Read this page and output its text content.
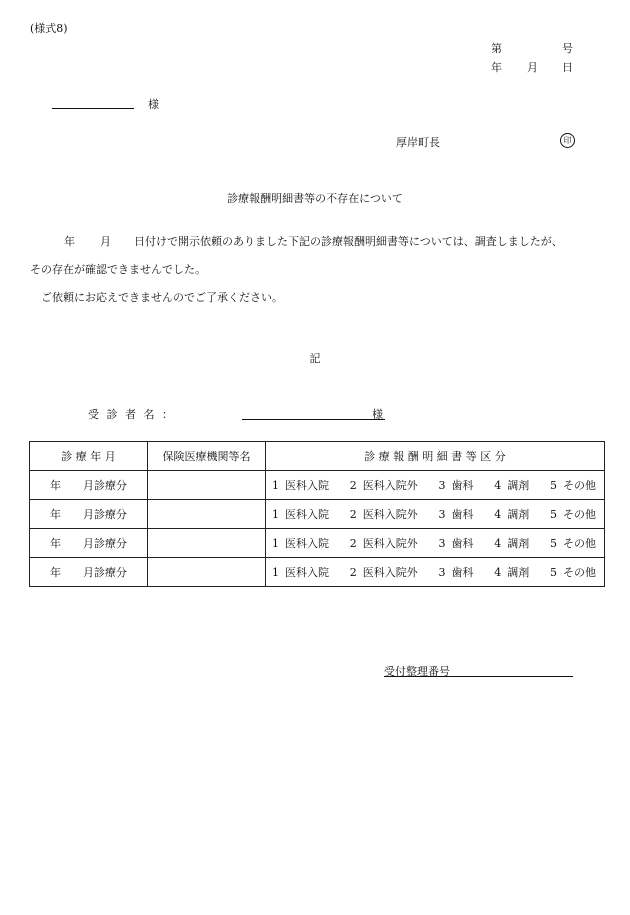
(様式8)
第	号
年 月 日
様
厚岸町長	印
診療報酬明細書等の不存在について
年 月 日付けで開示依頼のありました下記の診療報酬明細書等については、調査しましたが、
その存在が確認できませんでした。
ご依頼にお応えできませんのでご了承ください。
記
受 診 者 名 ：	様
診 療 年 月	保険医療機関等名	診 療 報 酬 明 細 書 等 区 分
年 月診療分		1 医科入院 2 医科入院外 3 歯科 4 調剤 5 その他

年 月診療分		1 医科入院 2 医科入院外 3 歯科 4 調剤 5 その他

年 月診療分		1 医科入院 2 医科入院外 3 歯科 4 調剤 5 その他

年 月診療分		1 医科入院 2 医科入院外 3 歯科 4 調剤 5 その他
受付整理番号
